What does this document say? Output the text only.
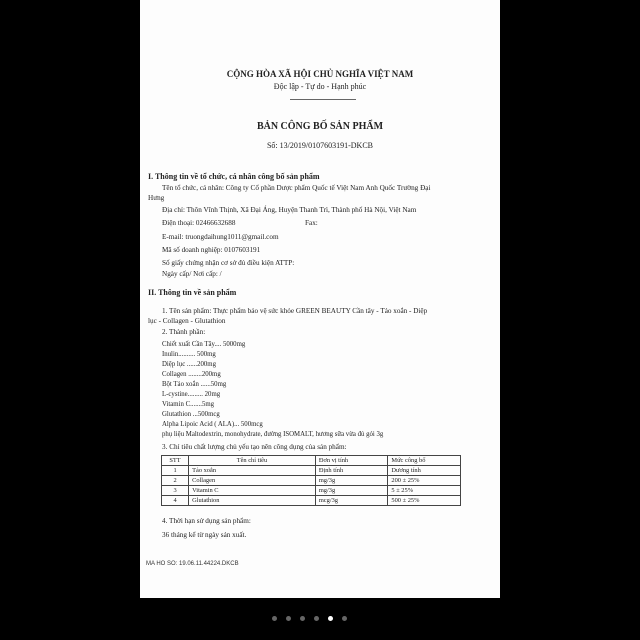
CỘNG HÒA XÃ HỘI CHỦ NGHĨA VIỆT NAM
Độc lập - Tự do - Hạnh phúc
BẢN CÔNG BỐ SẢN PHẨM
Số: 13/2019/0107603191-DKCB
I. Thông tin về tổ chức, cá nhân công bố sản phẩm
Tên tổ chức, cá nhân: Công ty Cổ phần Dược phẩm Quốc tế Việt Nam Anh Quốc Trường Đại
Hưng
Địa chỉ: Thôn Vĩnh Thịnh, Xã Đại Áng, Huyện Thanh Trì, Thành phố Hà Nội, Việt Nam
Điện thoại: 02466632688	Fax:
E-mail: truongdaihung1011@gmail.com
Mã số doanh nghiệp: 0107603191
Số giấy chứng nhận cơ sở đủ điều kiện ATTP:
Ngày cấp/ Nơi cấp: /
II. Thông tin về sản phẩm
1. Tên sản phẩm: Thực phẩm bảo vệ sức khỏe GREEN BEAUTY Cần tây - Tảo xoắn - Diệp
lục - Collagen - Glutathion
2. Thành phần:
Chiết xuất Cần Tây.... 5000mg
Inulin.......... 500mg
Diệp lục ......200mg
Collagen ........200mg
Bột Tảo xoắn ......50mg
L-cystine......... 20mg
Vitamin C.......5mg
Glutathion ...500mcg
Alpha Lipoic Acid ( ALA)... 500mcg
phụ liệu Maltodextrin, monohydrate, đường ISOMALT, hương sữa vừa đủ gói 3g
3. Chỉ tiêu chất lượng chủ yếu tạo nên công dụng của sản phẩm:
STT	Tên chỉ tiêu	Đơn vị tính	Mức công bố
1	Tảo xoắn	Định tính	Dương tính
2	Collagen	mg/3g	200 ± 25%
3	Vitamin C	mg/3g	5 ± 25%
4	Glutathion	mcg/3g	500 ± 25%
4. Thời hạn sử dụng sản phẩm:
36 tháng kể từ ngày sản xuất.
MA HO SO: 19.06.11.44224.DKCB
